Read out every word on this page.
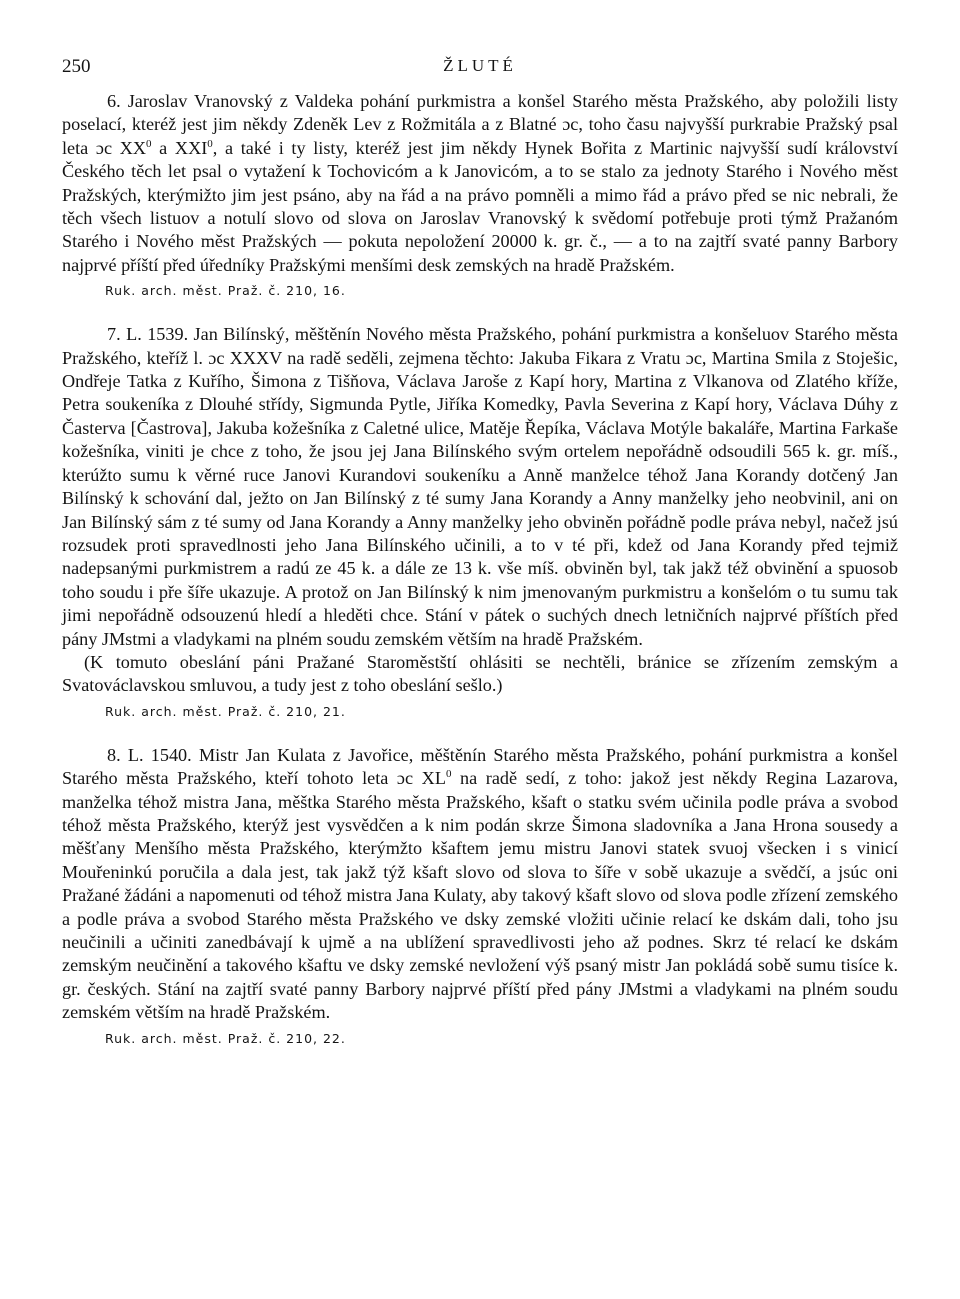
250	ŽLUTÉ

6. Jaroslav Vranovský z Valdeka pohání purkmistra a konšel Starého města Pražského, aby položili listy poselací, kteréž jest jim někdy Zdeněk Lev z Rožmitála a z Blatné ɔc, toho času najvyšší purkrabie Pražský psal leta ɔc $XX^0$ a XXI$^0$, a také i ty listy, kteréž jest jim někdy Hynek Bořita z Martinic najvyšší sudí království Českého těch let psal o vytažení k Tochovicóm a k Janovicóm, a to se stalo za jednoty Starého i Nového měst Pražských, kterýmižto jim jest psáno, aby na řád a na právo pomněli a mimo řád a právo před se nic nebrali, že těch všech listuov a notulí slovo od slova on Jaroslav Vranovský k svědomí potřebuje proti týmž Pražanóm Starého i Nového měst Pražských — pokuta nepoložení 20000 k. gr. č., — a to na zajtří svaté panny Barbory najprvé příští před úředníky Pražskými menšími desk zemských na hradě Pražském.

Ruk. arch. měst. Praž. č. 210, 16.

7. L. 1539. Jan Bilínský, měštěnín Nového města Pražského, pohání purkmistra a konšeluov Starého města Pražského, kteříž l. ɔc XXXV na radě seděli, zejmena těchto: Jakuba Fikara z Vratu ɔc, Martina Smila z Stoješic, Ondřeje Tatka z Kuřího, Šimona z Tišňova, Václava Jaroše z Kapí hory, Martina z Vlkanova od Zlatého kříže, Petra soukeníka z Dlouhé střídy, Sigmunda Pytle, Jiříka Komedky, Pavla Severina z Kapí hory, Václava Dúhy z Časterva [Častrova], Jakuba kožešníka z Caletné ulice, Matěje Řepíka, Václava Motýle bakaláře, Martina Farkaše kožešníka, viniti je chce z toho, že jsou jej Jana Bilínského svým ortelem nepořádně odsoudili 565 k. gr. míš., kterúžto sumu k věrné ruce Janovi Kurandovi soukeníku a Anně manželce téhož Jana Korandy dotčený Jan Bilínský k schování dal, ježto on Jan Bilínský z té sumy Jana Korandy a Anny manželky jeho neobvinil, ani on Jan Bilínský sám z té sumy od Jana Korandy a Anny manželky jeho obviněn pořádně podle práva nebyl, načež jsú rozsudek proti spravedlnosti jeho Jana Bilínského učinili, a to v té při, kdež od Jana Korandy před tejmiž nadepsanými purkmistrem a radú ze 45 k. a dále ze 13 k. vše míš. obviněn byl, tak jakž též obvinění a spuosob toho soudu i pře šíře ukazuje. A protož on Jan Bilínský k nim jmenovaným purkmistru a konšelóm o tu sumu tak jimi nepořádně odsouzenú hledí a hleděti chce. Stání v pátek o suchých dnech letničních najprvé příštích před pány JMstmi a vladykami na plném soudu zemském větším na hradě Pražském.

(K tomuto obeslání páni Pražané Staroměstští ohlásiti se nechtěli, bránice se zřízením zemským a Svatováclavskou smluvou, a tudy jest z toho obeslání sešlo.)

Ruk. arch. měst. Praž. č. 210, 21.

8. L. 1540. Mistr Jan Kulata z Javořice, měštěnín Starého města Pražského, pohání purkmistra a konšel Starého města Pražského, kteří tohoto leta ɔc $XL^0$ na radě sedí, z toho: jakož jest někdy Regina Lazarova, manželka téhož mistra Jana, měštka Starého města Pražského, kšaft o statku svém učinila podle práva a svobod téhož města Pražského, kterýž jest vysvědčen a k nim podán skrze Šimona sladovníka a Jana Hrona sousedy a měšťany Menšího města Pražského, kterýmžto kšaftem jemu mistru Janovi statek svuoj všecken i s vinicí Mouřeninkú poručila a dala jest, tak jakž týž kšaft slovo od slova to šíře v sobě ukazuje a svědčí, a jsúc oni Pražané žádáni a napomenuti od téhož mistra Jana Kulaty, aby takový kšaft slovo od slova podle zřízení zemského a podle práva a svobod Starého města Pražského ve dsky zemské vložiti učinie relací ke dskám dali, toho jsu neučinili a učiniti zanedbávají k ujmě a na ublížení spravedlivosti jeho až podnes. Skrz té relací ke dskám zemským neučinění a takového kšaftu ve dsky zemské nevložení výš psaný mistr Jan pokládá sobě sumu tisíce k. gr. českých. Stání na zajtří svaté panny Barbory najprvé příští před pány JMstmi a vladykami na plném soudu zemském větším na hradě Pražském.

Ruk. arch. měst. Praž. č. 210, 22.
